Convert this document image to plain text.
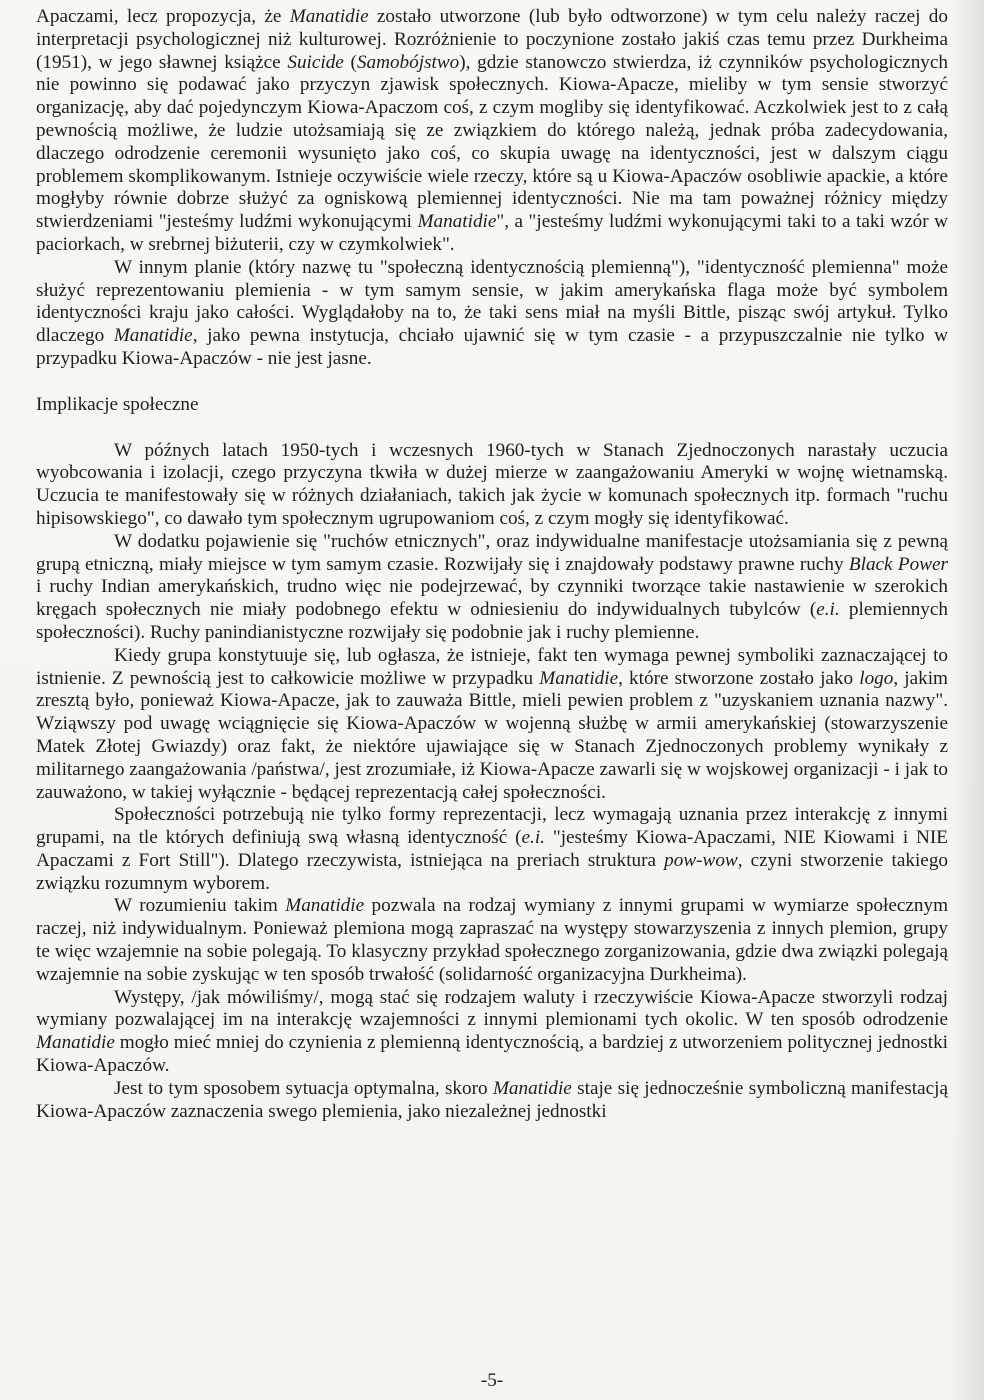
Apaczami, lecz propozycja, że Manatidie zostało utworzone (lub było odtworzone) w tym celu należy raczej do interpretacji psychologicznej niż kulturowej. Rozróżnienie to poczynione zostało jakiś czas temu przez Durkheima (1951), w jego sławnej książce Suicide (Samobójstwo), gdzie stanowczo stwierdza, iż czynników psychologicznych nie powinno się podawać jako przyczyn zjawisk społecznych. Kiowa-Apacze, mieliby w tym sensie stworzyć organizację, aby dać pojedynczym Kiowa-Apaczom coś, z czym mogliby się identyfikować. Aczkolwiek jest to z całą pewnością możliwe, że ludzie utożsamiają się ze związkiem do którego należą, jednak próba zadecydowania, dlaczego odrodzenie ceremonii wysunięto jako coś, co skupia uwagę na identyczności, jest w dalszym ciągu problemem skomplikowanym. Istnieje oczywiście wiele rzeczy, które są u Kiowa-Apaczów osobliwie apackie, a które mogłyby równie dobrze służyć za ogniskową plemiennej identyczności. Nie ma tam poważnej różnicy między stwierdzeniami "jesteśmy ludźmi wykonującymi Manatidie", a "jesteśmy ludźmi wykonującymi taki to a taki wzór w paciorkach, w srebrnej biżuterii, czy w czymkolwiek".

W innym planie (który nazwę tu "społeczną identycznością plemienną"), "identyczność plemienna" może służyć reprezentowaniu plemienia - w tym samym sensie, w jakim amerykańska flaga może być symbolem identyczności kraju jako całości. Wyglądałoby na to, że taki sens miał na myśli Bittle, pisząc swój artykuł. Tylko dlaczego Manatidie, jako pewna instytucja, chciało ujawnić się w tym czasie - a przypuszczalnie nie tylko w przypadku Kiowa-Apaczów - nie jest jasne.

Implikacje społeczne

W późnych latach 1950-tych i wczesnych 1960-tych w Stanach Zjednoczonych narastały uczucia wyobcowania i izolacji, czego przyczyna tkwiła w dużej mierze w zaangażowaniu Ameryki w wojnę wietnamską. Uczucia te manifestowały się w różnych działaniach, takich jak życie w komunach społecznych itp. formach "ruchu hipisowskiego", co dawało tym społecznym ugrupowaniom coś, z czym mogły się identyfikować.

W dodatku pojawienie się "ruchów etnicznych", oraz indywidualne manifestacje utożsamiania się z pewną grupą etniczną, miały miejsce w tym samym czasie. Rozwijały się i znajdowały podstawy prawne ruchy Black Power i ruchy Indian amerykańskich, trudno więc nie podejrzewać, by czynniki tworzące takie nastawienie w szerokich kręgach społecznych nie miały podobnego efektu w odniesieniu do indywidualnych tubylców (e.i. plemiennych społeczności). Ruchy panindianistyczne rozwijały się podobnie jak i ruchy plemienne.

Kiedy grupa konstytuuje się, lub ogłasza, że istnieje, fakt ten wymaga pewnej symboliki zaznaczającej to istnienie. Z pewnością jest to całkowicie możliwe w przypadku Manatidie, które stworzone zostało jako logo, jakim zresztą było, ponieważ Kiowa-Apacze, jak to zauważa Bittle, mieli pewien problem z "uzyskaniem uznania nazwy". Wziąwszy pod uwagę wciągnięcie się Kiowa-Apaczów w wojenną służbę w armii amerykańskiej (stowarzyszenie Matek Złotej Gwiazdy) oraz fakt, że niektóre ujawiające się w Stanach Zjednoczonych problemy wynikały z militarnego zaangażowania /państwa/, jest zrozumiałe, iż Kiowa-Apacze zawarli się w wojskowej organizacji - i jak to zauważono, w takiej wyłącznie - będącej reprezentacją całej społeczności.

Społeczności potrzebują nie tylko formy reprezentacji, lecz wymagają uznania przez interakcję z innymi grupami, na tle których definiują swą własną identyczność (e.i. "jesteśmy Kiowa-Apaczami, NIE Kiowami i NIE Apaczami z Fort Still"). Dlatego rzeczywista, istniejąca na preriach struktura pow-wow, czyni stworzenie takiego związku rozumnym wyborem.

W rozumieniu takim Manatidie pozwala na rodzaj wymiany z innymi grupami w wymiarze społecznym raczej, niż indywidualnym. Ponieważ plemiona mogą zapraszać na występy stowarzyszenia z innych plemion, grupy te więc wzajemnie na sobie polegają. To klasyczny przykład społecznego zorganizowania, gdzie dwa związki polegają wzajemnie na sobie zyskując w ten sposób trwałość (solidarność organizacyjna Durkheima).

Występy, /jak mówiliśmy/, mogą stać się rodzajem waluty i rzeczywiście Kiowa-Apacze stworzyli rodzaj wymiany pozwalającej im na interakcję wzajemności z innymi plemionami tych okolic. W ten sposób odrodzenie Manatidie mogło mieć mniej do czynienia z plemienną identycznością, a bardziej z utworzeniem politycznej jednostki Kiowa-Apaczów.

Jest to tym sposobem sytuacja optymalna, skoro Manatidie staje się jednocześnie symboliczną manifestacją Kiowa-Apaczów zaznaczenia swego plemienia, jako niezależnej jednostki

-5-
